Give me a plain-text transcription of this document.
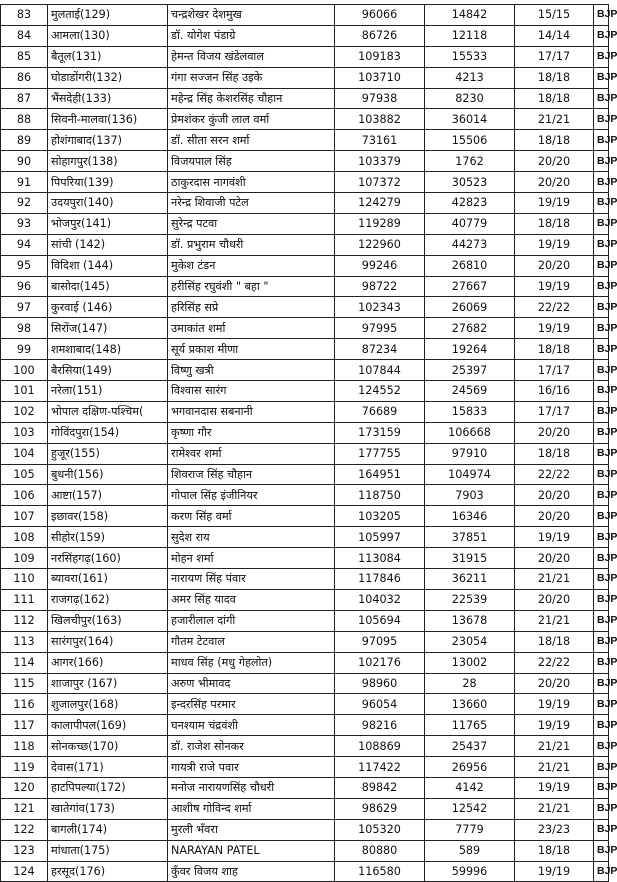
83	मुलताई(129)	चन्द्रशेखर देशमुख	96066	14842	15/15	BJP
84	आमला(130)	डॉ. योगेश पंडाग्रे	86726	12118	14/14	BJP
85	बैतूल(131)	हेमन्त विजय खंडेलवाल	109183	15533	17/17	BJP
86	घोडाडोंगरी(132)	गंगा सज्जन सिंह उइके	103710	4213	18/18	BJP
87	भैंसदेही(133)	महेन्द्र सिंह केशरसिंह चौहान	97938	8230	18/18	BJP
88	सिवनी-मालवा(136)	प्रेमशंकर कुंजी लाल वर्मा	103882	36014	21/21	BJP
89	होशंगाबाद(137)	डॉ. सीता सरन शर्मा	73161	15506	18/18	BJP
90	सोहागपुर(138)	विजयपाल सिंह	103379	1762	20/20	BJP
91	पिपरिया(139)	ठाकुरदास नागवंशी	107372	30523	20/20	BJP
92	उदयपुरा(140)	नरेन्द्र शिवाजी पटेल	124279	42823	19/19	BJP
93	भोजपुर(141)	सुरेन्द्र पटवा	119289	40779	18/18	BJP
94	सांची (142)	डॉ. प्रभुराम चौधरी	122960	44273	19/19	BJP
95	विदिशा (144)	मुकेश टंडन	99246	26810	20/20	BJP
96	बासोदा(145)	हरीसिंह रघुवंशी " बहा "	98722	27667	19/19	BJP
97	कुरवाई (146)	हरिसिंह सप्रे	102343	26069	22/22	BJP
98	सिरोंज(147)	उमाकांत शर्मा	97995	27682	19/19	BJP
99	शमशाबाद(148)	सूर्य प्रकाश मीणा	87234	19264	18/18	BJP
100	बैरसिया(149)	विष्णु खत्री	107844	25397	17/17	BJP
101	नरेला(151)	विश्वास सारंग	124552	24569	16/16	BJP
102	भोपाल दक्षिण-पश्चिम(	भगवानदास सबनानी	76689	15833	17/17	BJP
103	गोविंदपुरा(154)	कृष्णा गौर	173159	106668	20/20	BJP
104	हुजूर(155)	रामेश्वर शर्मा	177755	97910	18/18	BJP
105	बुधनी(156)	शिवराज सिंह चौहान	164951	104974	22/22	BJP
106	आष्टा(157)	गोपाल सिंह इंजीनियर	118750	7903	20/20	BJP
107	इछावर(158)	करण सिंह वर्मा	103205	16346	20/20	BJP
108	सीहोर(159)	सुदेश राय	105997	37851	19/19	BJP
109	नरसिंहगढ़(160)	मोहन शर्मा	113084	31915	20/20	BJP
110	ब्यावरा(161)	नारायण सिंह पंवार	117846	36211	21/21	BJP
111	राजगढ़(162)	अमर सिंह यादव	104032	22539	20/20	BJP
112	खिलचीपुर(163)	हजारीलाल दांगी	105694	13678	21/21	BJP
113	सारंगपुर(164)	गौतम टेटवाल	97095	23054	18/18	BJP
114	आगर(166)	माधव सिंह (मधु गेहलोत)	102176	13002	22/22	BJP
115	शाजापुर (167)	अरुण भीमावद	98960	28	20/20	BJP
116	शुजालपुर(168)	इन्दरसिंह परमार	96054	13660	19/19	BJP
117	कालापीपल(169)	घनश्याम चंद्रवंशी	98216	11765	19/19	BJP
118	सोनकच्छ(170)	डॉ. राजेश सोनकर	108869	25437	21/21	BJP
119	देवास(171)	गायत्री राजे पवार	117422	26956	21/21	BJP
120	हाटपिपल्या(172)	मनोज नारायणसिंह चौधरी	89842	4142	19/19	BJP
121	खातेगांव(173)	आशीष गोविन्द शर्मा	98629	12542	21/21	BJP
122	बागली(174)	मुरली भँवरा	105320	7779	23/23	BJP
123	मांधाता(175)	NARAYAN PATEL	80880	589	18/18	BJP
124	हरसूद(176)	कुँवर विजय शाह	116580	59996	19/19	BJP
